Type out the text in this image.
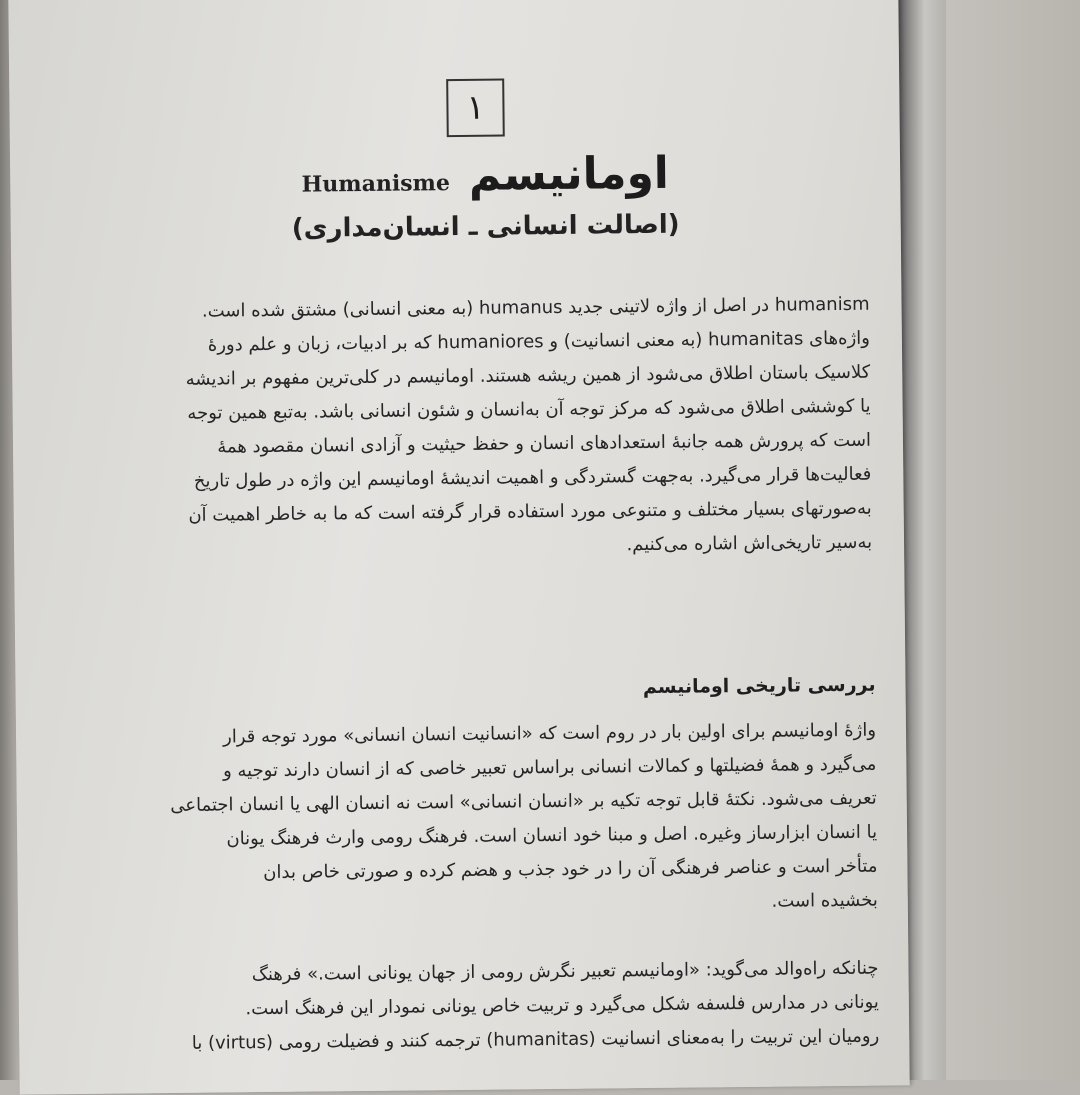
۱
اومانیسم Humanisme
(اصالت انسانی ـ انسان‌مداری)
humanism در اصل از واژه لاتینی جدید humanus (به معنی انسانی) مشتق شده است.
واژه‌های humanitas (به معنی انسانیت) و humaniores که بر ادبیات، زبان و علم دورهٔ
کلاسیک باستان اطلاق می‌شود از همین ریشه هستند. اومانیسم در کلی‌ترین مفهوم بر اندیشه
یا کوششی اطلاق می‌شود که مرکز توجه آن به‌انسان و شئون انسانی باشد. به‌تبع همین توجه
است که پرورش همه جانبهٔ استعدادهای انسان و حفظ حیثیت و آزادی انسان مقصود همهٔ
فعالیت‌ها قرار می‌گیرد. به‌جهت گستردگی و اهمیت اندیشهٔ اومانیسم این واژه در طول تاریخ
به‌صورتهای بسیار مختلف و متنوعی مورد استفاده قرار گرفته است که ما به خاطر اهمیت آن
به‌سیر تاریخی‌اش اشاره می‌کنیم.
بررسی تاریخی اومانیسم
واژهٔ اومانیسم برای اولین بار در روم است که «انسانیت انسان انسانی» مورد توجه قرار
می‌گیرد و همهٔ فضیلتها و کمالات انسانی براساس تعبیر خاصی که از انسان دارند توجیه و
تعریف می‌شود. نکتهٔ قابل توجه تکیه بر «انسان انسانی» است نه انسان الهی یا انسان اجتماعی
یا انسان ابزارساز وغیره. اصل و مبنا خود انسان است. فرهنگ رومی وارث فرهنگ یونان
متأخر است و عناصر فرهنگی آن را در خود جذب و هضم کرده و صورتی خاص بدان
بخشیده است.
چنانکه راه‌والد می‌گوید: «اومانیسم تعبیر نگرش رومی از جهان یونانی است.» فرهنگ
یونانی در مدارس فلسفه شکل می‌گیرد و تربیت خاص یونانی نمودار این فرهنگ است.
رومیان این تربیت را به‌معنای انسانیت (humanitas) ترجمه کنند و فضیلت رومی (virtus) با
